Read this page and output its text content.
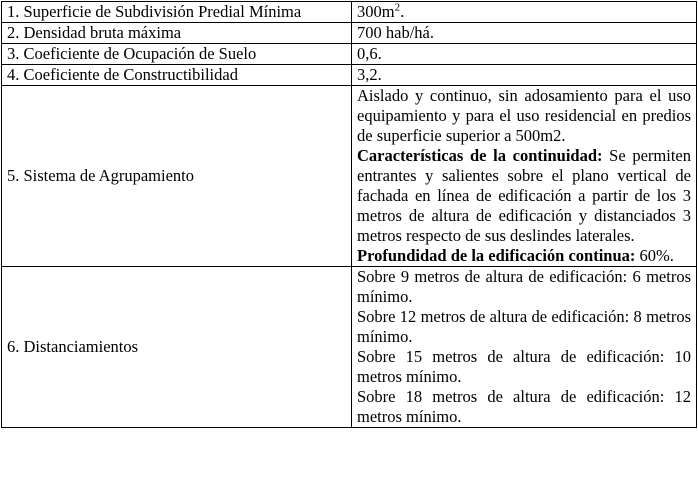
1. Superficie de Subdivisión Predial Mínima	$300m^2$.
2. Densidad bruta máxima	700 hab/há.
3. Coeficiente de Ocupación de Suelo	0,6.
4. Coeficiente de Constructibilidad	3,2.
5. Sistema de Agrupamiento	Aislado y continuo, sin adosamiento para el uso equipamiento y para el uso residencial en predios de superficie superior a 500m2.

Características de la continuidad: Se permiten entrantes y salientes sobre el plano vertical de fachada en línea de edificación a partir de los 3 metros de altura de edificación y distanciados 3 metros respecto de sus deslindes laterales.

Profundidad de la edificación continua: 60%.

6. Distanciamientos	Sobre 9 metros de altura de edificación: 6 metros mínimo.

Sobre 12 metros de altura de edificación: 8 metros mínimo.

Sobre 15 metros de altura de edificación: 10 metros mínimo.

Sobre 18 metros de altura de edificación: 12 metros mínimo.
